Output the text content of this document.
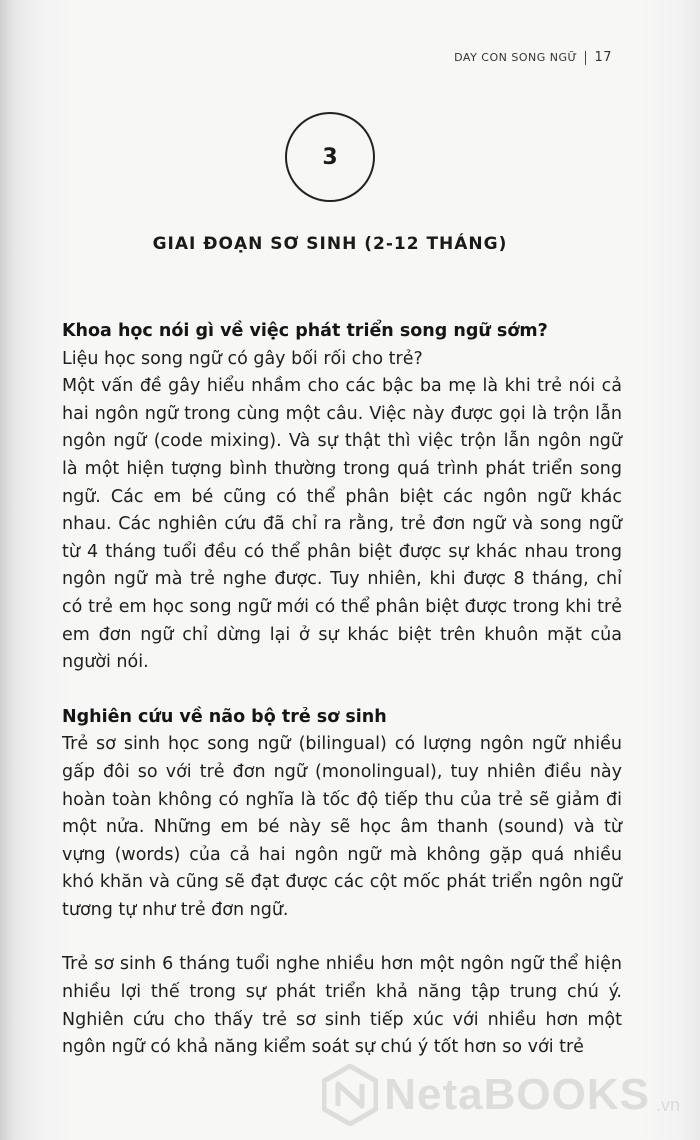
DAY CON SONG NGỮ 17
3
GIAI ĐOẠN SƠ SINH (2-12 THÁNG)
Khoa học nói gì về việc phát triển song ngữ sớm?

Liệu học song ngữ có gây bối rối cho trẻ?

Một vấn đề gây hiểu nhầm cho các bậc ba mẹ là khi trẻ nói cả hai ngôn ngữ trong cùng một câu. Việc này được gọi là trộn lẫn ngôn ngữ (code mixing). Và sự thật thì việc trộn lẫn ngôn ngữ là một hiện tượng bình thường trong quá trình phát triển song ngữ. Các em bé cũng có thể phân biệt các ngôn ngữ khác nhau. Các nghiên cứu đã chỉ ra rằng, trẻ đơn ngữ và song ngữ từ 4 tháng tuổi đều có thể phân biệt được sự khác nhau trong ngôn ngữ mà trẻ nghe được. Tuy nhiên, khi được 8 tháng, chỉ có trẻ em học song ngữ mới có thể phân biệt được trong khi trẻ em đơn ngữ chỉ dừng lại ở sự khác biệt trên khuôn mặt của người nói.

Nghiên cứu về não bộ trẻ sơ sinh

Trẻ sơ sinh học song ngữ (bilingual) có lượng ngôn ngữ nhiều gấp đôi so với trẻ đơn ngữ (monolingual), tuy nhiên điều này hoàn toàn không có nghĩa là tốc độ tiếp thu của trẻ sẽ giảm đi một nửa. Những em bé này sẽ học âm thanh (sound) và từ vựng (words) của cả hai ngôn ngữ mà không gặp quá nhiều khó khăn và cũng sẽ đạt được các cột mốc phát triển ngôn ngữ tương tự như trẻ đơn ngữ.

Trẻ sơ sinh 6 tháng tuổi nghe nhiều hơn một ngôn ngữ thể hiện nhiều lợi thế trong sự phát triển khả năng tập trung chú ý. Nghiên cứu cho thấy trẻ sơ sinh tiếp xúc với nhiều hơn một ngôn ngữ có khả năng kiểm soát sự chú ý tốt hơn so với trẻ

NetaBOOKS .vn
